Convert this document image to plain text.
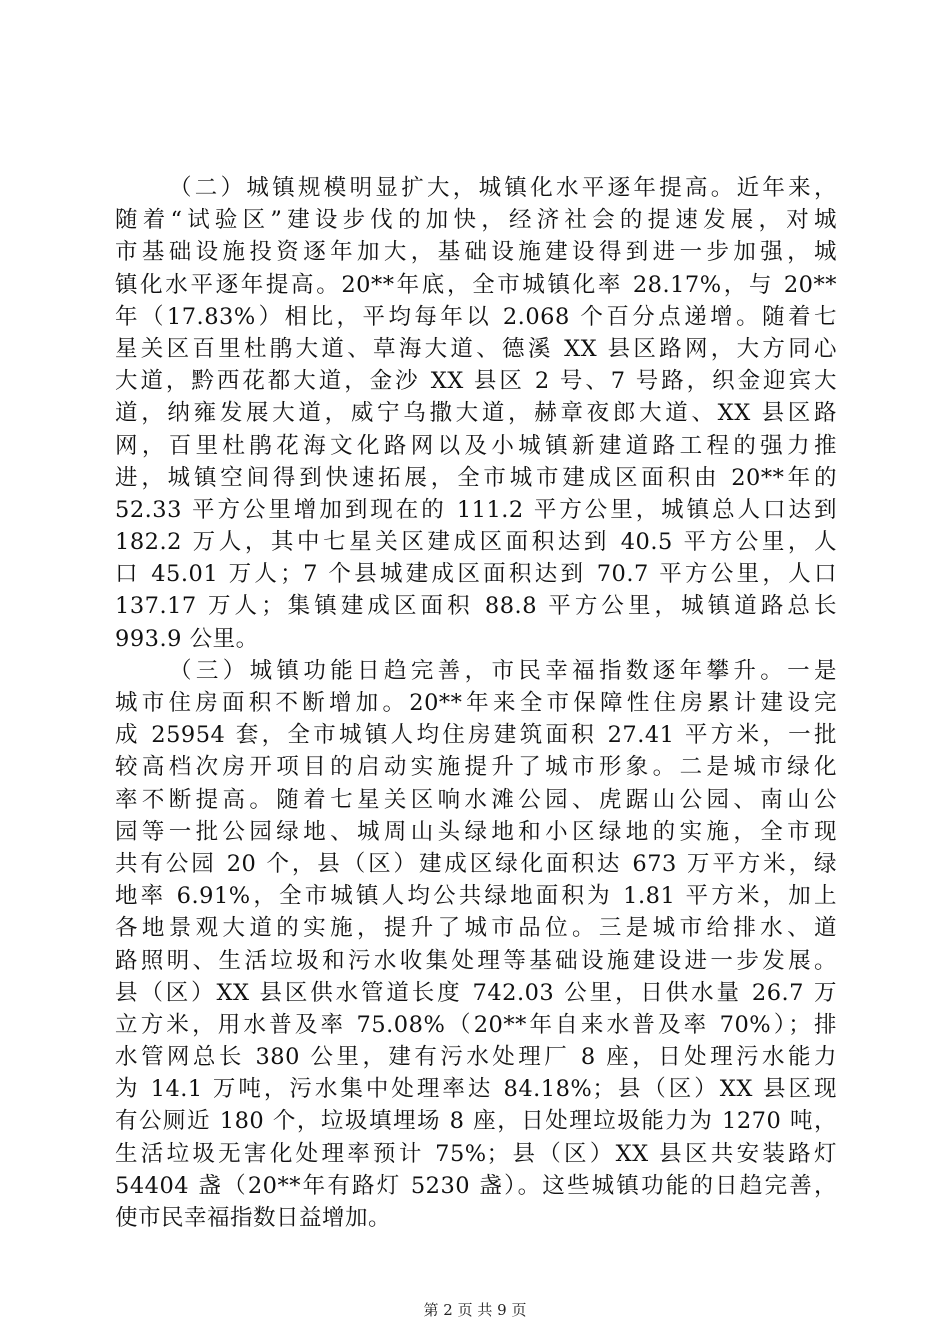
（二）城镇规模明显扩大，城镇化水平逐年提高。近年来，
随着“试验区”建设步伐的加快，经济社会的提速发展，对城
市基础设施投资逐年加大，基础设施建设得到进一步加强，城
镇化水平逐年提高。20**年底，全市城镇化率 28.17%，与 20**
年（17.83%）相比，平均每年以 2.068 个百分点递增。随着七
星关区百里杜鹃大道、草海大道、德溪 XX 县区路网，大方同心
大道，黔西花都大道，金沙 XX 县区 2 号、7 号路，织金迎宾大
道，纳雍发展大道，威宁乌撒大道，赫章夜郎大道、XX 县区路
网，百里杜鹃花海文化路网以及小城镇新建道路工程的强力推
进，城镇空间得到快速拓展，全市城市建成区面积由 20**年的
52.33 平方公里增加到现在的 111.2 平方公里，城镇总人口达到
182.2 万人，其中七星关区建成区面积达到 40.5 平方公里，人
口 45.01 万人；7 个县城建成区面积达到 70.7 平方公里，人口
137.17 万人；集镇建成区面积 88.8 平方公里，城镇道路总长
993.9 公里。
（三）城镇功能日趋完善，市民幸福指数逐年攀升。一是
城市住房面积不断增加。20**年来全市保障性住房累计建设完
成 25954 套，全市城镇人均住房建筑面积 27.41 平方米，一批
较高档次房开项目的启动实施提升了城市形象。二是城市绿化
率不断提高。随着七星关区响水滩公园、虎踞山公园、南山公
园等一批公园绿地、城周山头绿地和小区绿地的实施，全市现
共有公园 20 个，县（区）建成区绿化面积达 673 万平方米，绿
地率 6.91%，全市城镇人均公共绿地面积为 1.81 平方米，加上
各地景观大道的实施，提升了城市品位。三是城市给排水、道
路照明、生活垃圾和污水收集处理等基础设施建设进一步发展。
县（区）XX 县区供水管道长度 742.03 公里，日供水量 26.7 万
立方米，用水普及率 75.08%（20**年自来水普及率 70%）；排
水管网总长 380 公里，建有污水处理厂 8 座，日处理污水能力
为 14.1 万吨，污水集中处理率达 84.18%；县（区）XX 县区现
有公厕近 180 个，垃圾填埋场 8 座，日处理垃圾能力为 1270 吨，
生活垃圾无害化处理率预计 75%；县（区）XX 县区共安装路灯
54404 盏（20**年有路灯 5230 盏）。这些城镇功能的日趋完善，
使市民幸福指数日益增加。
第 2 页 共 9 页
